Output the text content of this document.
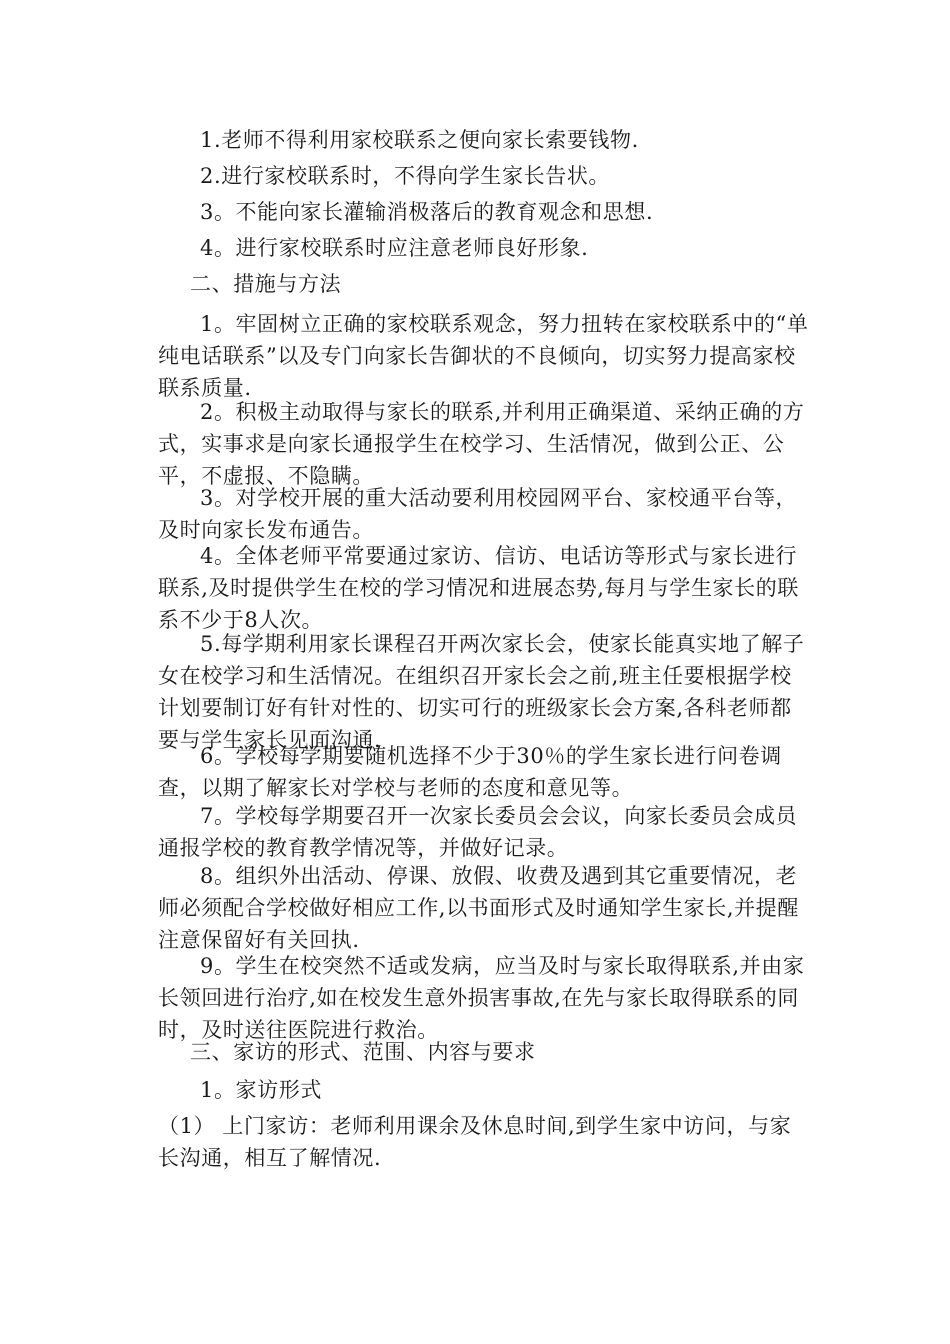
1.老师不得利用家校联系之便向家长索要钱物.

2.进行家校联系时，不得向学生家长告状。

3。不能向家长灌输消极落后的教育观念和思想.

4。进行家校联系时应注意老师良好形象.

二、措施与方法

1。牢固树立正确的家校联系观念，努力扭转在家校联系中的“单纯电话联系”以及专门向家长告御状的不良倾向，切实努力提高家校联系质量.

2。积极主动取得与家长的联系,并利用正确渠道、采纳正确的方式，实事求是向家长通报学生在校学习、生活情况，做到公正、公平，不虚报、不隐瞒。

3。对学校开展的重大活动要利用校园网平台、家校通平台等，及时向家长发布通告。

4。全体老师平常要通过家访、信访、电话访等形式与家长进行联系,及时提供学生在校的学习情况和进展态势,每月与学生家长的联系不少于8人次。

5.每学期利用家长课程召开两次家长会，使家长能真实地了解子女在校学习和生活情况。在组织召开家长会之前,班主任要根据学校计划要制订好有针对性的、切实可行的班级家长会方案,各科老师都要与学生家长见面沟通.

6。学校每学期要随机选择不少于30％的学生家长进行问卷调查，以期了解家长对学校与老师的态度和意见等。

7。学校每学期要召开一次家长委员会会议，向家长委员会成员通报学校的教育教学情况等，并做好记录。

8。组织外出活动、停课、放假、收费及遇到其它重要情况，老师必须配合学校做好相应工作,以书面形式及时通知学生家长,并提醒注意保留好有关回执.

9。学生在校突然不适或发病，应当及时与家长取得联系,并由家长领回进行治疗,如在校发生意外损害事故,在先与家长取得联系的同时，及时送往医院进行救治。

三、家访的形式、范围、内容与要求

1。家访形式

（1） 上门家访：老师利用课余及休息时间,到学生家中访问，与家长沟通，相互了解情况.
